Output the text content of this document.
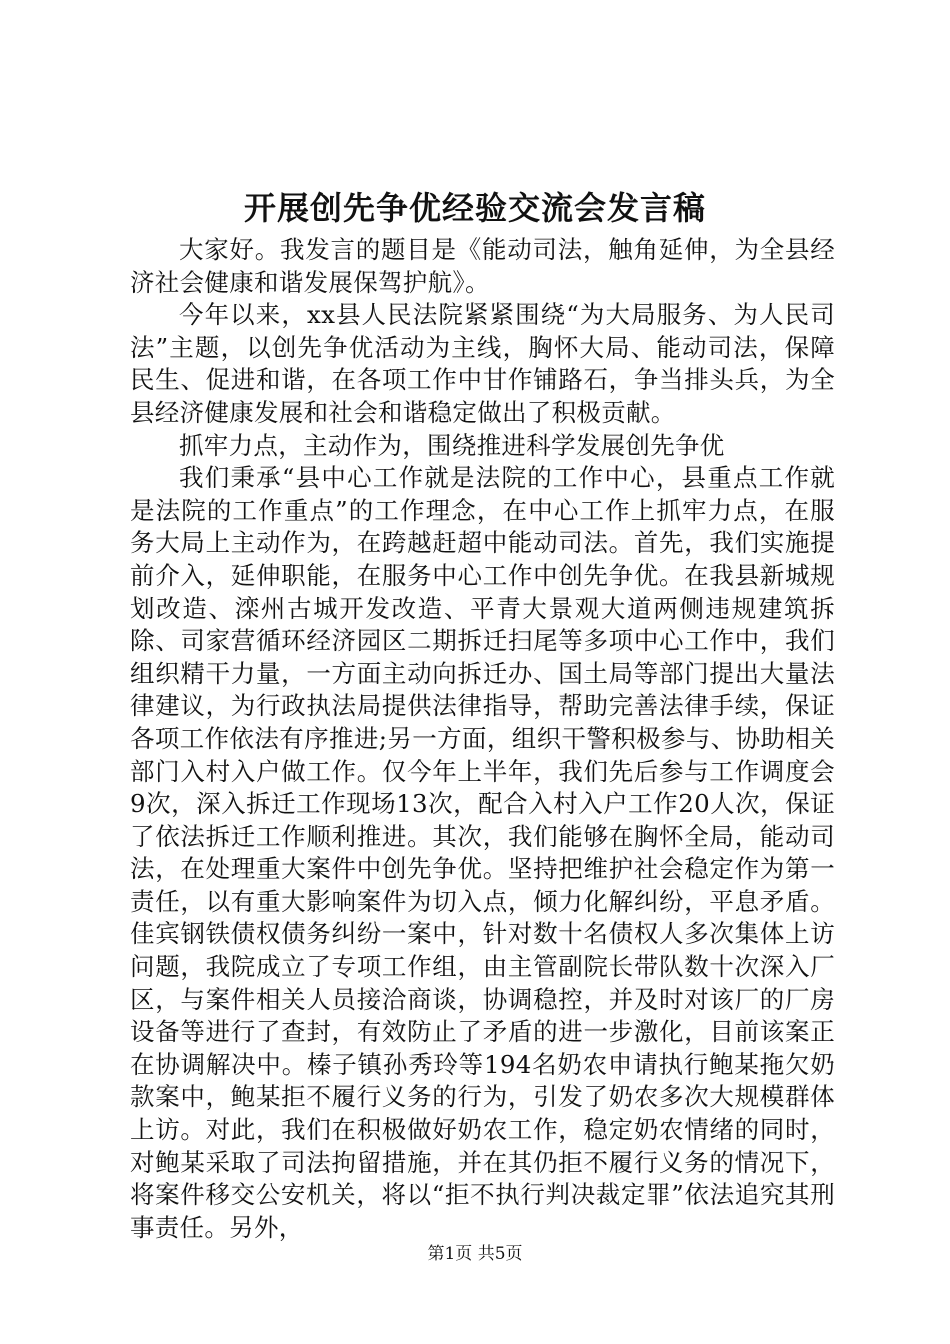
开展创先争优经验交流会发言稿

大家好。我发言的题目是《能动司法，触角延伸，为全县经济社会健康和谐发展保驾护航》。

今年以来，xx县人民法院紧紧围绕“为大局服务、为人民司法”主题，以创先争优活动为主线，胸怀大局、能动司法，保障民生、促进和谐，在各项工作中甘作铺路石，争当排头兵，为全县经济健康发展和社会和谐稳定做出了积极贡献。

抓牢力点，主动作为，围绕推进科学发展创先争优

我们秉承“县中心工作就是法院的工作中心，县重点工作就是法院的工作重点”的工作理念，在中心工作上抓牢力点，在服务大局上主动作为，在跨越赶超中能动司法。首先，我们实施提前介入，延伸职能，在服务中心工作中创先争优。在我县新城规划改造、滦州古城开发改造、平青大景观大道两侧违规建筑拆除、司家营循环经济园区二期拆迁扫尾等多项中心工作中，我们组织精干力量，一方面主动向拆迁办、国土局等部门提出大量法律建议，为行政执法局提供法律指导，帮助完善法律手续，保证各项工作依法有序推进;另一方面，组织干警积极参与、协助相关部门入村入户做工作。仅今年上半年，我们先后参与工作调度会9次，深入拆迁工作现场13次，配合入村入户工作20人次，保证了依法拆迁工作顺利推进。其次，我们能够在胸怀全局，能动司法，在处理重大案件中创先争优。坚持把维护社会稳定作为第一责任，以有重大影响案件为切入点，倾力化解纠纷，平息矛盾。佳宾钢铁债权债务纠纷一案中，针对数十名债权人多次集体上访问题，我院成立了专项工作组，由主管副院长带队数十次深入厂区，与案件相关人员接洽商谈，协调稳控，并及时对该厂的厂房设备等进行了查封，有效防止了矛盾的进一步激化，目前该案正在协调解决中。榛子镇孙秀玲等194名奶农申请执行鲍某拖欠奶款案中，鲍某拒不履行义务的行为，引发了奶农多次大规模群体上访。对此，我们在积极做好奶农工作，稳定奶农情绪的同时，对鲍某采取了司法拘留措施，并在其仍拒不履行义务的情况下，将案件移交公安机关，将以“拒不执行判决裁定罪”依法追究其刑事责任。另外，

第1页 共5页
